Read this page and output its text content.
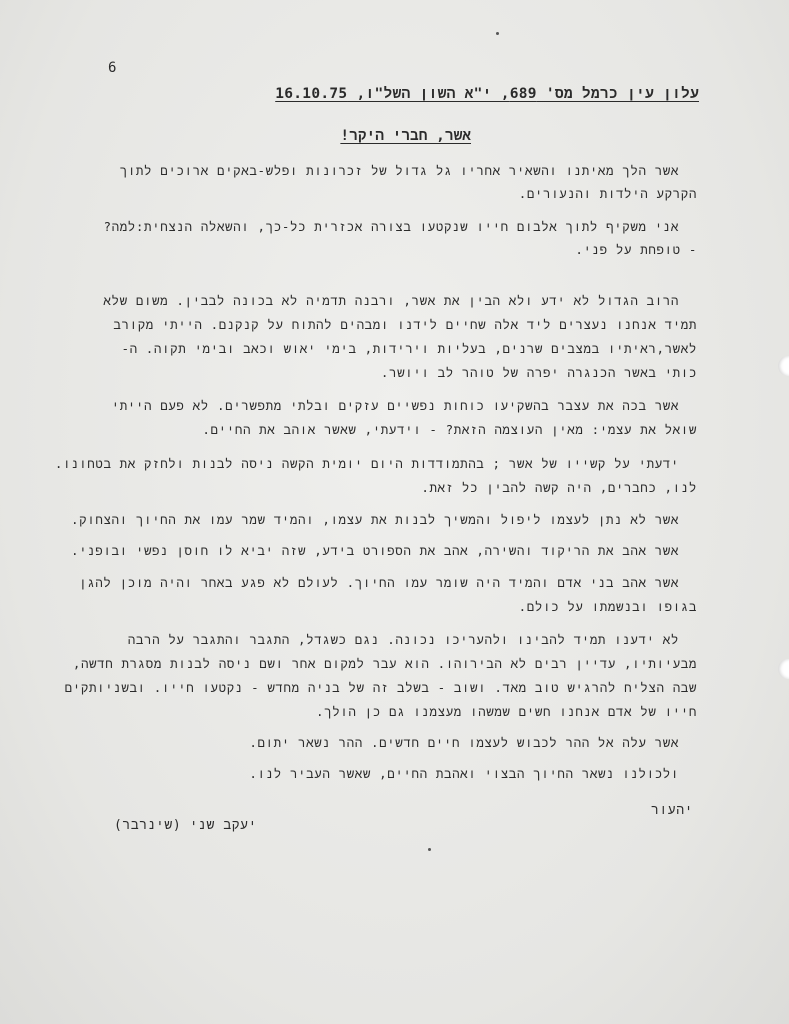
6
עלון עין כרמל מס' 689, י"א השון השל"ו, 16.10.75
אשר, חברי היקר!
אשר הלך מאיתנו והשאיר אחריו גל גדול של זכרונות ופלש-באקים ארוכים לתוך
הקרקע הילדות והנעורים.
אני משקיף לתוך אלבום חייו שנקטעו בצורה אכזרית כל-כך, והשאלה הנצחית:למה?
- טופחת על פני.
הרוב הגדול לא ידע ולא הבין את אשר, ורבנה תדמיה לא בכונה לבבין. משום שלא
תמיד אנחנו נעצרים ליד אלה שחיים לידנו ומבהים להתוח על קנקנם. הייתי מקורב
לאשר,ראיתיו במצבים שרנים, בעליות וירידות, בימי יאוש וכאב ובימי תקוה. ה-
כותי באשר הכנגרה יפרה של טוהר לב ויושר.
אשר בכה את עצבר בהשקיעו כוחות נפשיים עזקים ובלתי מתפשרים. לא פעם הייתי
שואל את עצמי: מאין העוצמה הזאת? - וידעתי, שאשר אוהב את החיים.
ידעתי על קשייו של אשר ; בהתמודדות היום יומית הקשה ניסה לבנות ולחזק את בטחונו.
לנו, כחברים, היה קשה להבין כל זאת.
אשר לא נתן לעצמו ליפול והמשיך לבנות את עצמו, והמיד שמר עמו את החיוך והצחוק.
אשר אהב את הריקוד והשירה, אהב את הספורט בידע, שזה יביא לו חוסן נפשי ובופני.
אשר אהב בני אדם והמיד היה שומר עמו החיוך. לעולם לא פגע באחר והיה מוכן להגן
בגופו ובנשמתו על כולם.
לא ידענו תמיד להבינו ולהעריכו נכונה. נגם כשגדל, התגבר והתגבר על הרבה
מבעיותיו, עדיין רבים לא הבירוהו. הוא עבר למקום אחר ושם ניסה לבנות מסגרת חדשה,
שבה הצליח להרגיש טוב מאד. ושוב - בשלב זה של בניה מחדש - נקטעו חייו. ובשניותקים
חייו של אדם אנחנו חשים שמשהו מעצמנו גם כן הולך.
אשר עלה אל ההר לכבוש לעצמו חיים חדשים. ההר נשאר יתום.
ולכולנו נשאר החיוך הבצוי ואהבת החיים, שאשר העביר לנו.
יהעור
יעקב שני (שינרבר)
